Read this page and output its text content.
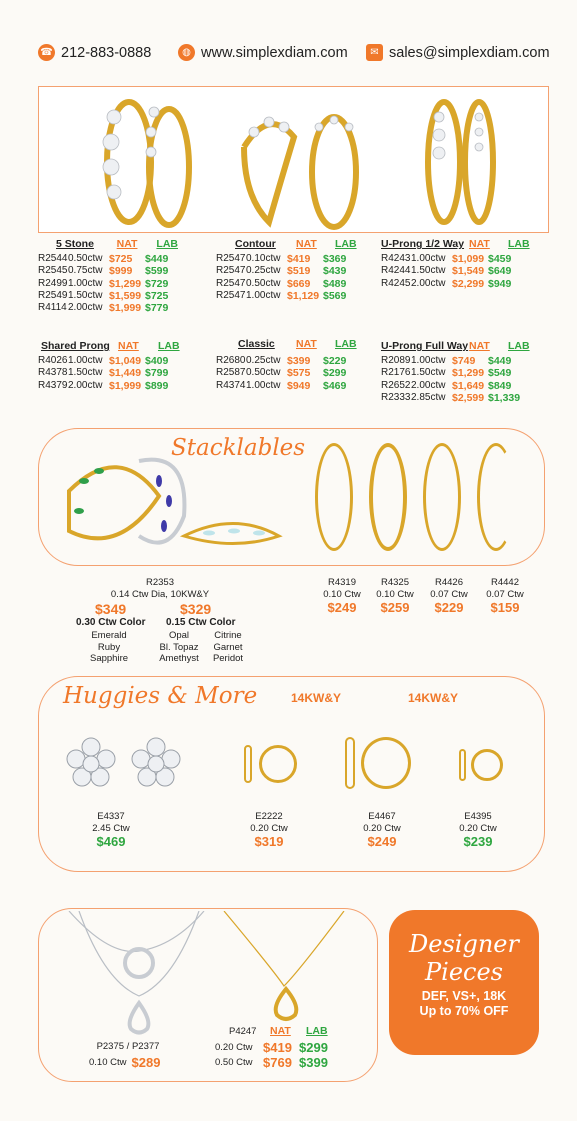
☎ 212-883-0888	◍ www.simplexdiam.com	✉ sales@simplexdiam.com
5 Stone	NAT	LAB
R2544 0.50ctw $725	$449
R2545 0.75ctw $999	$599
R2499 1.00ctw $1,299 $729
R2549 1.50ctw $1,599 $725
R4114 2.00ctw $1,999 $779
Contour	NAT	LAB
R2547 0.10ctw $419	$369
R2547 0.25ctw $519	$439
R2547 0.50ctw $669	$489
R2547 1.00ctw $1,129 $569
U-Prong 1/2 Way NAT	LAB
R4243 1.00ctw $1,099 $459
R4244 1.50ctw $1,549 $649
R4245 2.00ctw $2,299 $949
Shared Prong NAT	LAB
R4026 1.00ctw $1,049 $409
R4378 1.50ctw $1,449 $799
R4379 2.00ctw $1,999 $899
Classic	NAT	LAB
R2680 0.25ctw $399	$229
R2587 0.50ctw $575	$299
R4374 1.00ctw $949	$469
U-Prong Full Way NAT	LAB
R2089 1.00ctw $749	$449
R2176 1.50ctw $1,299 $549
R2652 2.00ctw $1,649 $849
R2333 2.85ctw $2,599 $1,339
Stacklables
R2353
0.14 Ctw Dia, 10KW&Y
$349	$329
0.30 Ctw Color 0.15 Ctw Color
Emerald
Ruby
Sapphire
Opal
Bl. Topaz
Amethyst
Citrine
Garnet
Peridot
R4319
0.10 Ctw
$249
R4325
0.10 Ctw
$259
R4426
0.07 Ctw
$229
R4442
0.07 Ctw
$159
Huggies & More	14KW&Y	14KW&Y
E4337
2.45 Ctw
$469
E2222
0.20 Ctw
$319
E4467
0.20 Ctw
$249
E4395
0.20 Ctw
$239
P2375 / P2377
0.10 Ctw $289
P4247	NAT	LAB
0.20 Ctw $419 $299
0.50 Ctw $769 $399
Designer
Pieces
DEF, VS+, 18K
Up to 70% OFF
